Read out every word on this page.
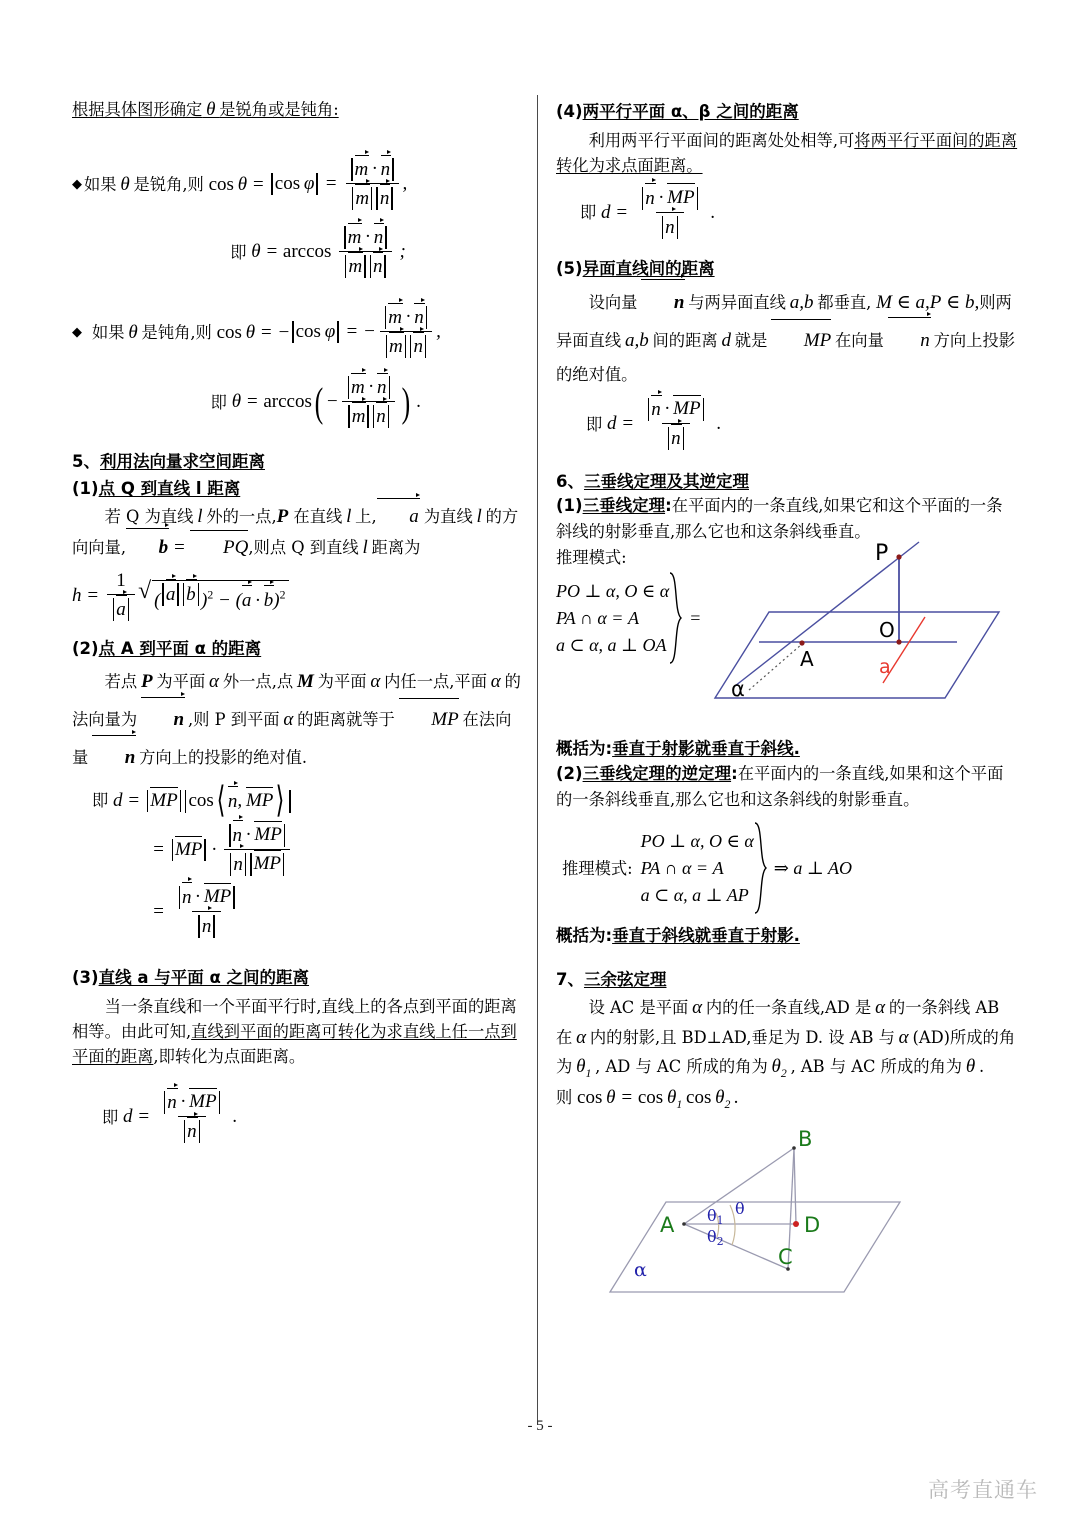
根据具体图形确定 θ 是锐角或是钝角:
◆ 如果 θ 是锐角,则 cos θ = cos
  $\varphi = \frac{m \cdot n}{\text{m n}}$ ,
即 $\theta = \arccos \frac{m \cdot n}{\text{m n}}$  ;
◆ 如果 θ 是钝角,则 cos θ = − cos
  φ = − $\frac{m \cdot n}{\text{m n}}$ ,
即 θ = arccos ( − $\frac{m \cdot n}{\text{m n}}$ )  .
5、利用法向量求空间距离
(1)点 Q 到直线 l 距离
若 Q 为直线 l 外的一点,P 在直线 l 上, a 为直线 l 的方向向量, b = PQ,则点 Q 到直线 l 距离为
$h = \frac{1}{a}$ √ ( a b )$^2 - (a \cdot b)^2$
(2)点 A 到平面 α 的距离
若点 P 为平面 α 外一点,点 M 为平面 α 内任一点,平面 α 的法向量为  n  ,则 P 到平面 α 的距离就等于  MP  在法向量  n  方向上的投影的绝对值.
即 d = MP cos ⟨ n ,  MP ⟩
= MP  ·  $\frac{n \cdot MP}{\text{n MP}}$
= $\frac{n \cdot MP}{n}$
(3)直线 a 与平面 α 之间的距离
当一条直线和一个平面平行时,直线上的各点到平面的距离相等。由此可知,直线到平面的距离可转化为求直线上任一点到平面的距离,即转化为点面距离。
即 $d = \frac{n \cdot MP}{n}$  .
(4)两平行平面 α、β 之间的距离
利用两平行平面间的距离处处相等,可将两平行平面间的距离转化为求点面距离。
即 $d = \frac{n \cdot MP}{n}$  .
(5)异面直线间的距离
设向量  n  与两异面直线  a,b  都垂直, M ∈ a,P ∈ b,则两异面直线  a,b  间的距离  d  就是  MP  在向量  n  方向上投影的绝对值。
即 $d = \frac{n \cdot MP}{n}$  .
6、三垂线定理及其逆定理
(1)三垂线定理:在平面内的一条直线,如果它和这个平面的一条斜线的射影垂直,那么它也和这条斜线垂直。
推理模式:
PO ⊥ α, O ∈ α
PA ∩ α = A
a ⊂ α, a ⊥ OA
=
P
O
A	a
α
概括为:垂直于射影就垂直于斜线.
(2)三垂线定理的逆定理:在平面内的一条直线,如果和这个平面的一条斜线垂直,那么它也和这条斜线的射影垂直。
推理模式:
PO ⊥ α, O ∈ α
PA ∩ α = A
a ⊂ α, a ⊥ AP
⇒ a ⊥ AO
概括为:垂直于斜线就垂直于射影.
7、三余弦定理
设 AC 是平面 α 内的任一条直线,AD 是 α 的一条斜线 AB 在 α 内的射影,且 BD⊥AD,垂足为 D. 设 AB 与 α (AD)所成的角为 $\theta_1$  , AD 与 AC 所成的角为 $\theta_2$  , AB 与 AC 所成的角为 θ . 则 $\cos \theta = \cos \theta_1$  $\cos \theta_2$ .
B
A
C
D
θ
θ1
θ2
α
- 5 -
高考直通车
